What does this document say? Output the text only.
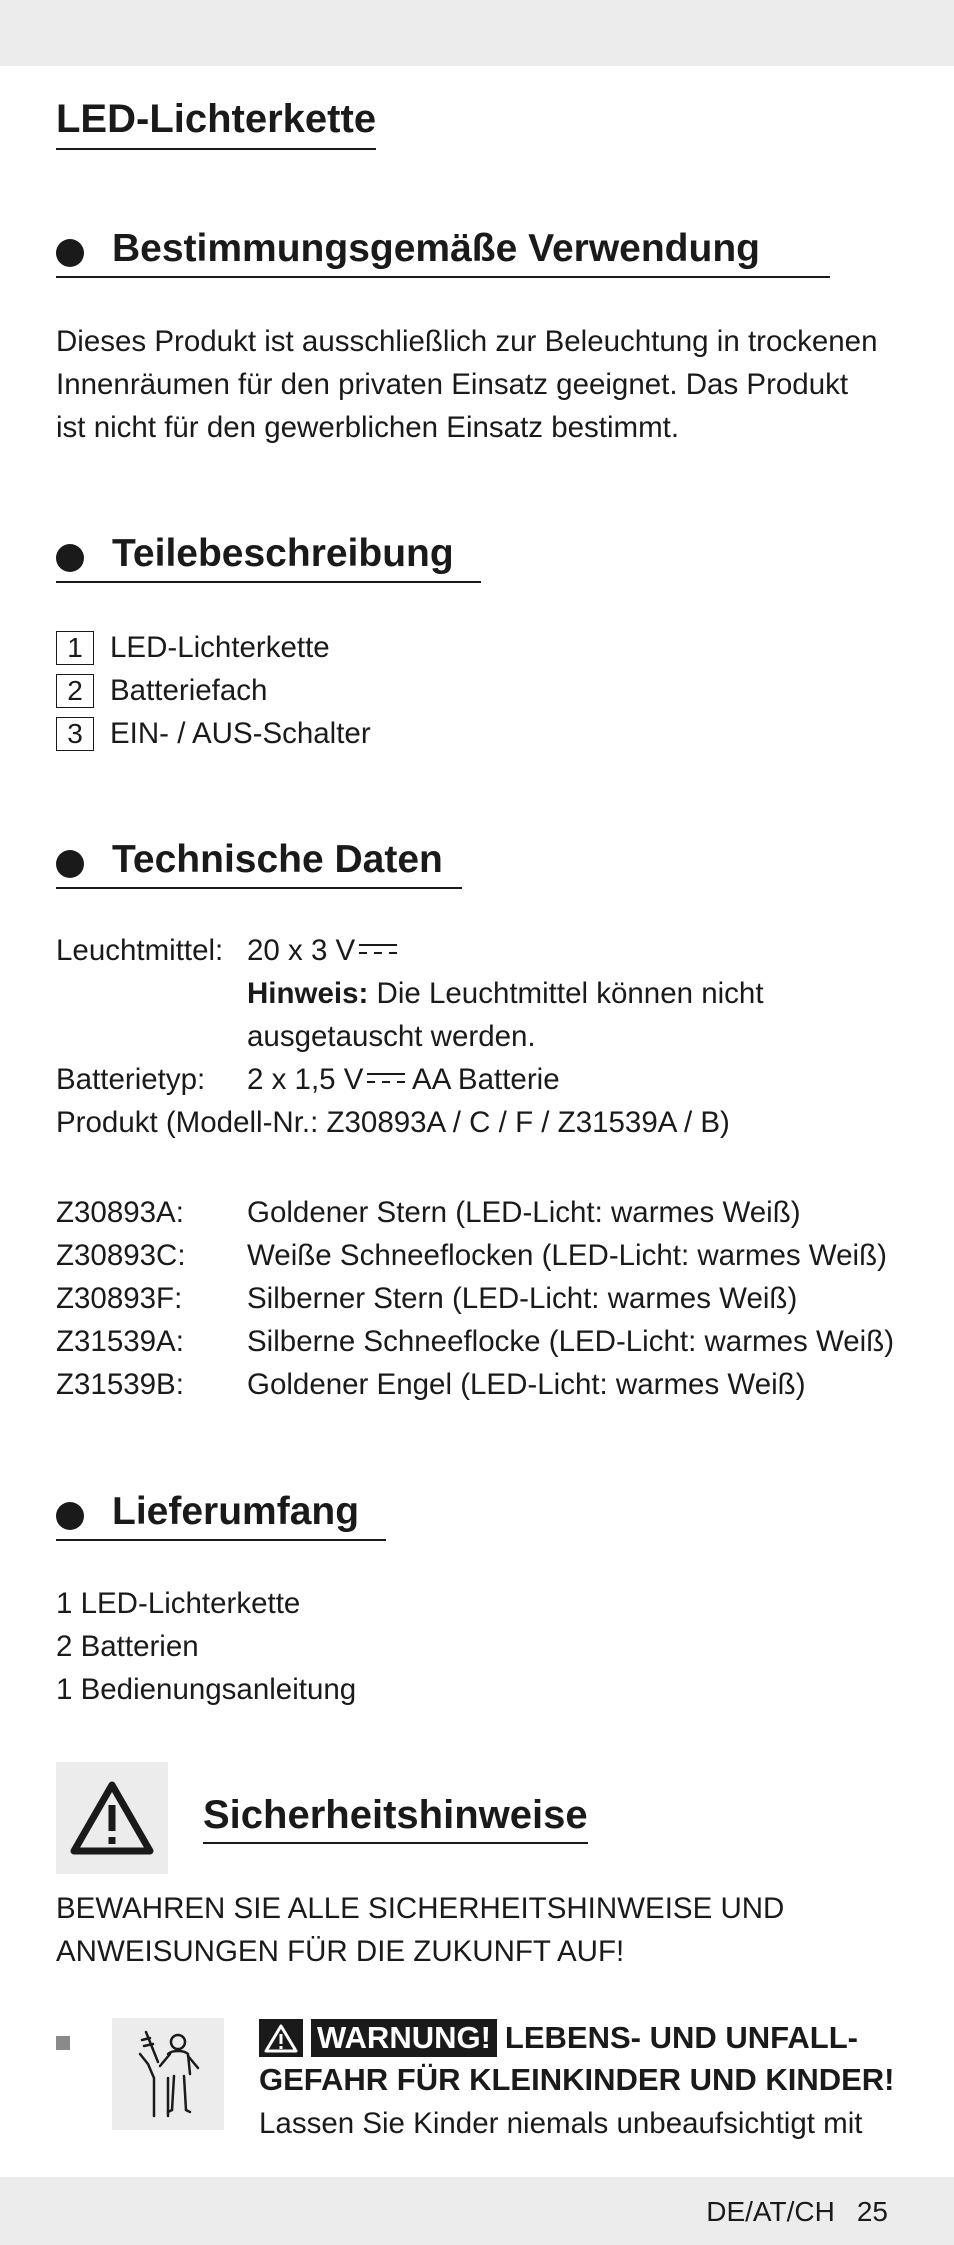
LED-Lichterkette
Bestimmungsgemäße Verwendung
Dieses Produkt ist ausschließlich zur Beleuchtung in trockenen
Innenräumen für den privaten Einsatz geeignet. Das Produkt
ist nicht für den gewerblichen Einsatz bestimmt.
Teilebeschreibung
1 LED-Lichterkette
2 Batteriefach
3 EIN- / AUS-Schalter
Technische Daten
Leuchtmittel: 20 x 3 V
Hinweis: Die Leuchtmittel können nicht
ausgetauscht werden.
Batterietyp: 2 x 1,5 V AA Batterie
Produkt (Modell-Nr.: Z30893A / C / F / Z31539A / B)
Z30893A: Goldener Stern (LED-Licht: warmes Weiß)
Z30893C: Weiße Schneeflocken (LED-Licht: warmes Weiß)
Z30893F: Silberner Stern (LED-Licht: warmes Weiß)
Z31539A: Silberne Schneeflocke (LED-Licht: warmes Weiß)
Z31539B: Goldener Engel (LED-Licht: warmes Weiß)
Lieferumfang
1 LED-Lichterkette
2 Batterien
1 Bedienungsanleitung
Sicherheitshinweise
BEWAHREN SIE ALLE SICHERHEITSHINWEISE UND
ANWEISUNGEN FÜR DIE ZUKUNFT AUF!
WARNUNG! LEBENS- UND UNFALL-
GEFAHR FÜR KLEINKINDER UND KINDER!
Lassen Sie Kinder niemals unbeaufsichtigt mit
DE/AT/CH 25
